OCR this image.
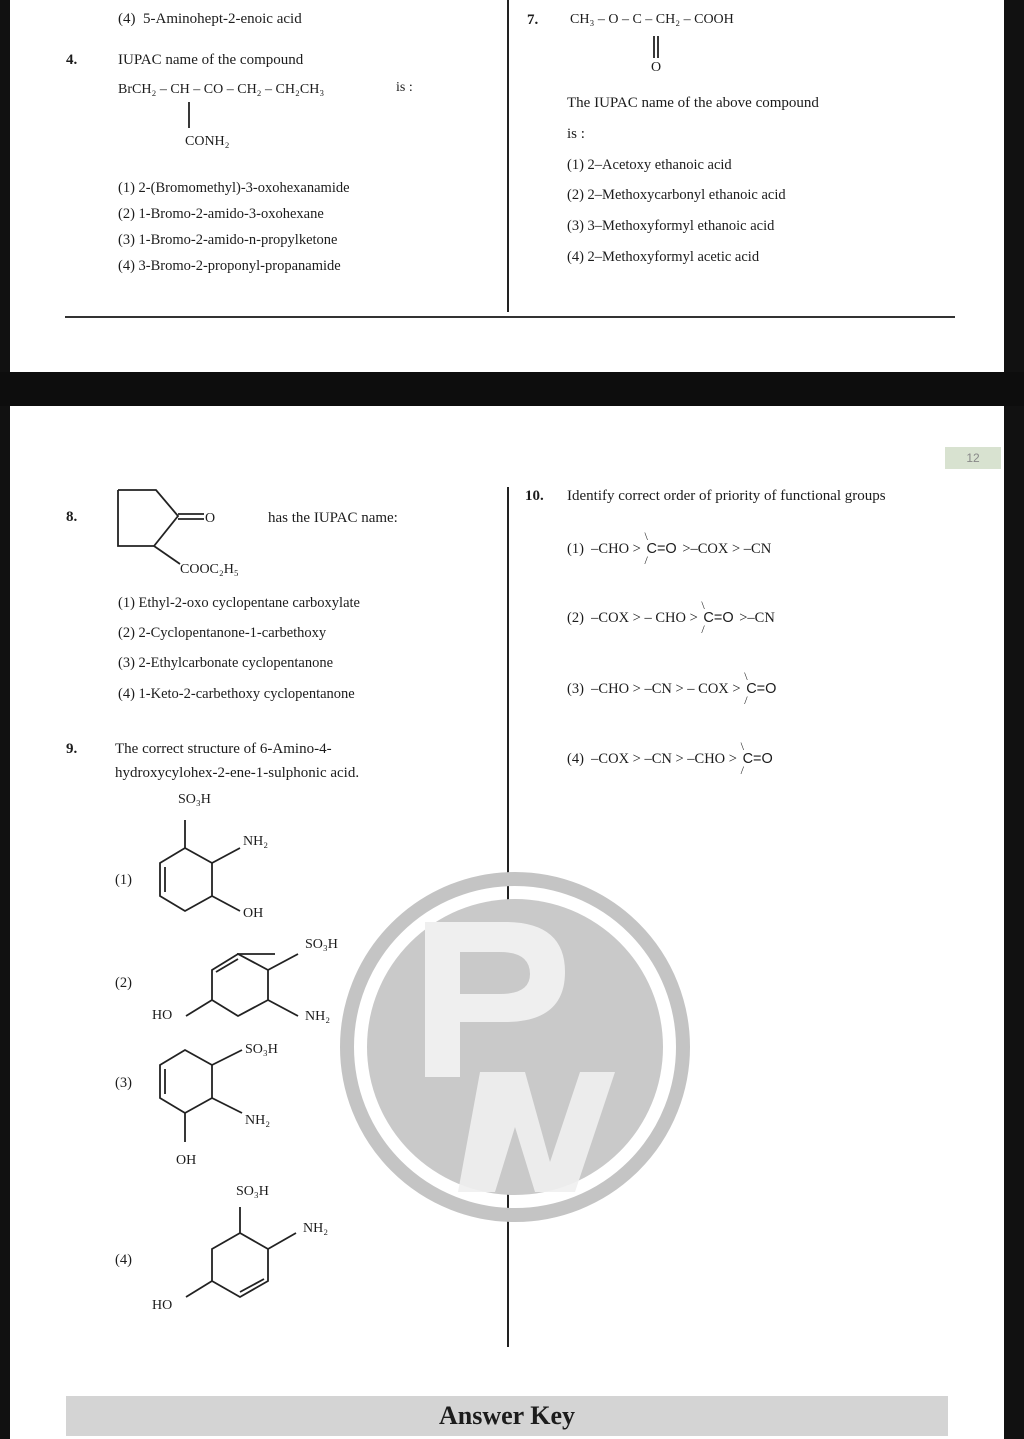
(4) 5-Aminohept-2-enoic acid
4.	IUPAC name of the compound
BrCH₂ – CH – CO – CH₂ – CH₂CH₃	is :
CONH₂
(1) 2-(Bromomethyl)-3-oxohexanamide
(2) 1-Bromo-2-amido-3-oxohexane
(3) 1-Bromo-2-amido-n-propylketone
(4) 3-Bromo-2-proponyl-propanamide
7. CH₃ – O – C – CH₂ – COOH
O
The IUPAC name of the above compound
is :
(1) 2–Acetoxy ethanoic acid
(2) 2–Methoxycarbonyl ethanoic acid
(3) 3–Methoxyformyl ethanoic acid
(4) 2–Methoxyformyl acetic acid
12
8.	O
COOC₂H₅
has the IUPAC name:
(1) Ethyl-2-oxo cyclopentane carboxylate
(2) 2-Cyclopentanone-1-carbethoxy
(3) 2-Ethylcarbonate cyclopentanone
(4) 1-Keto-2-carbethoxy cyclopentanone
9.	The correct structure of 6-Amino-4-
hydroxycylohex-2-ene-1-sulphonic acid.
(1)
SO₃H
NH₂
OH
(2)
SO₃H
NH₂
HO
(3)
SO₃H
NH₂
OH
(4)
SO₃H
NH₂
HO
10. Identify correct order of priority of functional groups
(1) –CHO >
\
C=O
/
>–COX > –CN
(2) –COX > – CHO >
\
C=O
/
>–CN
(3) –CHO > –CN > – COX >
\
C=O
/
(4) –COX > –CN > –CHO >
\
C=O
/
Answer Key
